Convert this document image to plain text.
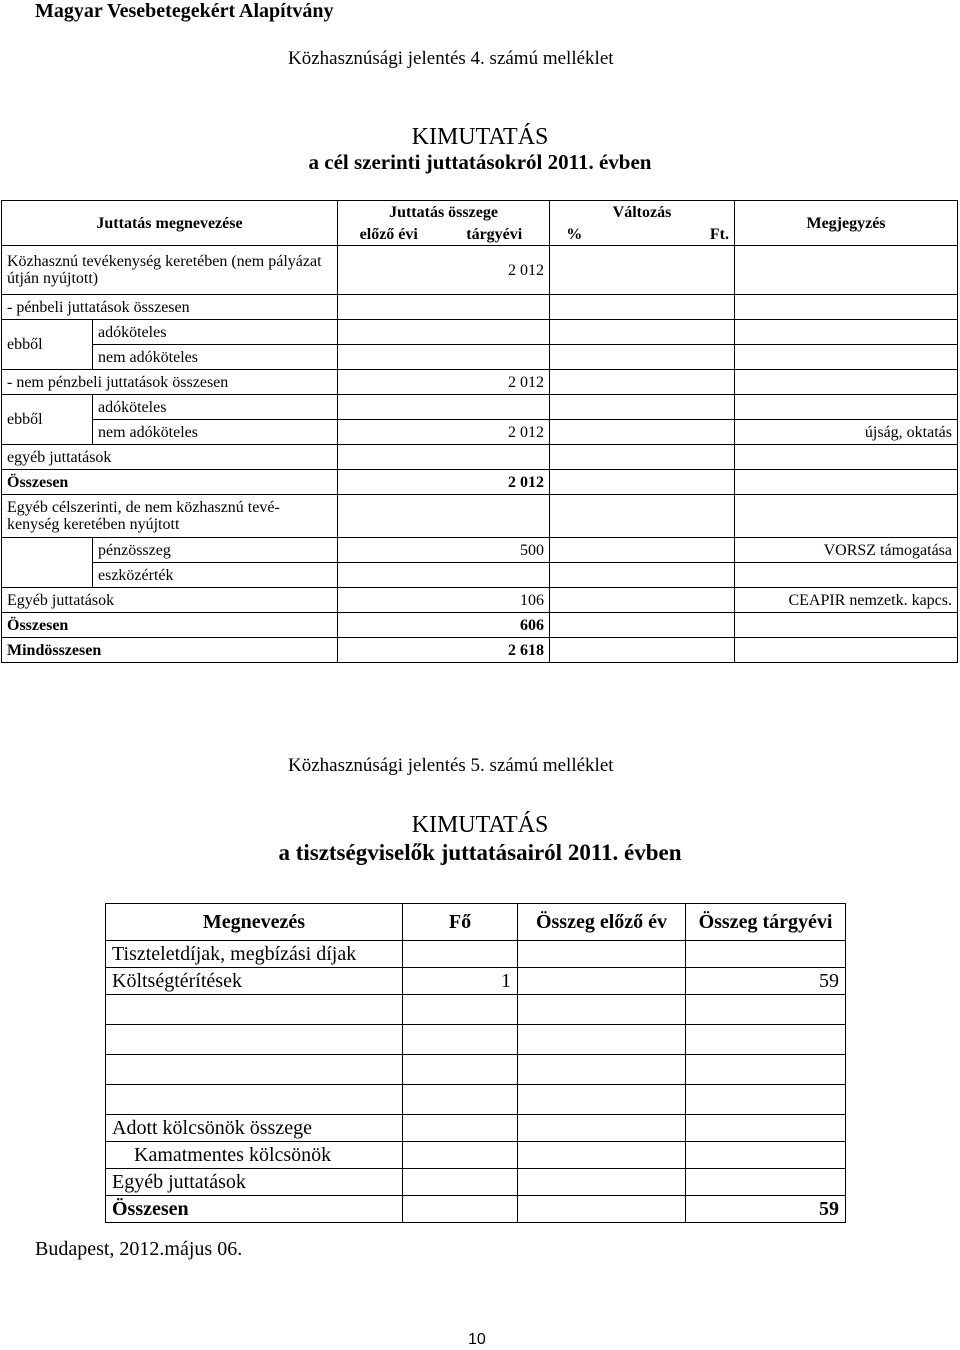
Magyar Vesebetegekért Alapítvány
Közhasznúsági jelentés 4. számú melléklet
KIMUTATÁS
a cél szerinti juttatásokról 2011. évben
Juttatás megnevezése		Juttatás összege		Változás		Megjegyzés
		előző évi	tárgyévi	%	Ft.	
Közhasznú tevékenység keretében (nem pályázat útján nyújtott)			2 012			
- pénbeli juttatások összesen						
ebből	adóköteles					
	nem adóköteles					
- nem pénzbeli juttatások összesen			2 012			
ebből	adóköteles					
	nem adóköteles		2 012			újság, oktatás
egyéb juttatások						
Összesen			2 012			
Egyéb célszerinti, de nem közhasznú tevé-kenység keretében nyújtott						
	pénzösszeg		500			VORSZ támogatása
	eszközérték					
Egyéb juttatások			106			CEAPIR nemzetk. kapcs.
Összesen			606			
Mindösszesen			2 618			
Közhasznúsági jelentés 5. számú melléklet
KIMUTATÁS
a tisztségviselők juttatásairól 2011. évben
Megnevezés	Fő	Összeg előző év	Összeg tárgyévi
Tiszteletdíjak, megbízási díjak			
Költségtérítések	1		59

Adott kölcsönök összege			
Kamatmentes kölcsönök			
Egyéb juttatások			
Összesen			59
Budapest, 2012.május 06.
10
